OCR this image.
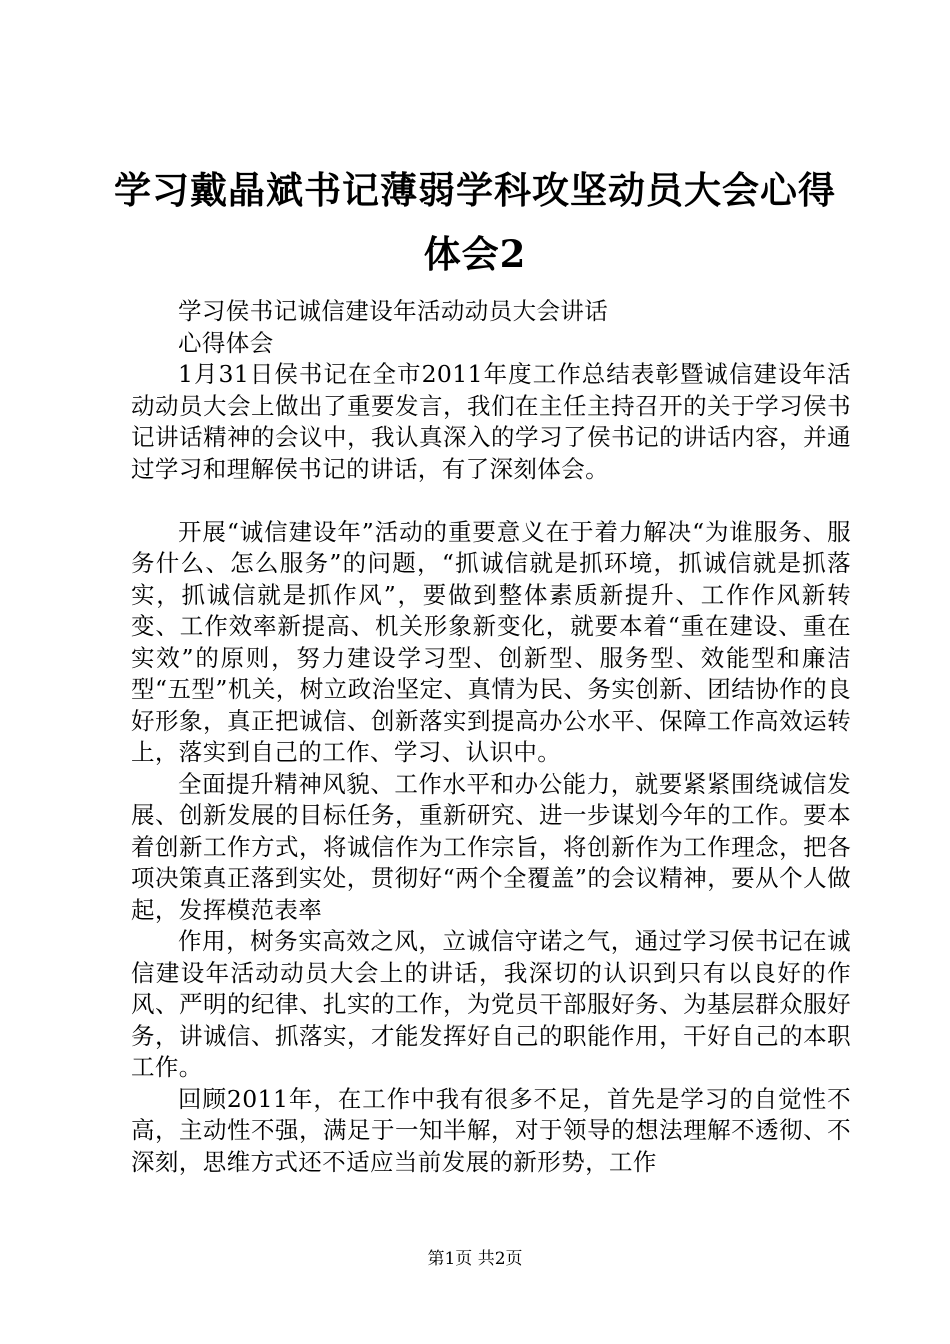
学习戴晶斌书记薄弱学科攻坚动员大会心得体会2

学习侯书记诚信建设年活动动员大会讲话

心得体会

1月31日侯书记在全市2011年度工作总结表彰暨诚信建设年活动动员大会上做出了重要发言，我们在主任主持召开的关于学习侯书记讲话精神的会议中，我认真深入的学习了侯书记的讲话内容，并通过学习和理解侯书记的讲话，有了深刻体会。

开展“诚信建设年”活动的重要意义在于着力解决“为谁服务、服务什么、怎么服务”的问题，“抓诚信就是抓环境，抓诚信就是抓落实，抓诚信就是抓作风”，要做到整体素质新提升、工作作风新转变、工作效率新提高、机关形象新变化，就要本着“重在建设、重在实效”的原则，努力建设学习型、创新型、服务型、效能型和廉洁型“五型”机关，树立政治坚定、真情为民、务实创新、团结协作的良好形象，真正把诚信、创新落实到提高办公水平、保障工作高效运转上，落实到自己的工作、学习、认识中。

全面提升精神风貌、工作水平和办公能力，就要紧紧围绕诚信发展、创新发展的目标任务，重新研究、进一步谋划今年的工作。要本着创新工作方式，将诚信作为工作宗旨，将创新作为工作理念，把各项决策真正落到实处，贯彻好“两个全覆盖”的会议精神，要从个人做起，发挥模范表率

作用，树务实高效之风，立诚信守诺之气，通过学习侯书记在诚信建设年活动动员大会上的讲话，我深切的认识到只有以良好的作风、严明的纪律、扎实的工作，为党员干部服好务、为基层群众服好务，讲诚信、抓落实，才能发挥好自己的职能作用，干好自己的本职工作。

回顾2011年，在工作中我有很多不足，首先是学习的自觉性不高，主动性不强，满足于一知半解，对于领导的想法理解不透彻、不深刻，思维方式还不适应当前发展的新形势，工作

第1页 共2页
